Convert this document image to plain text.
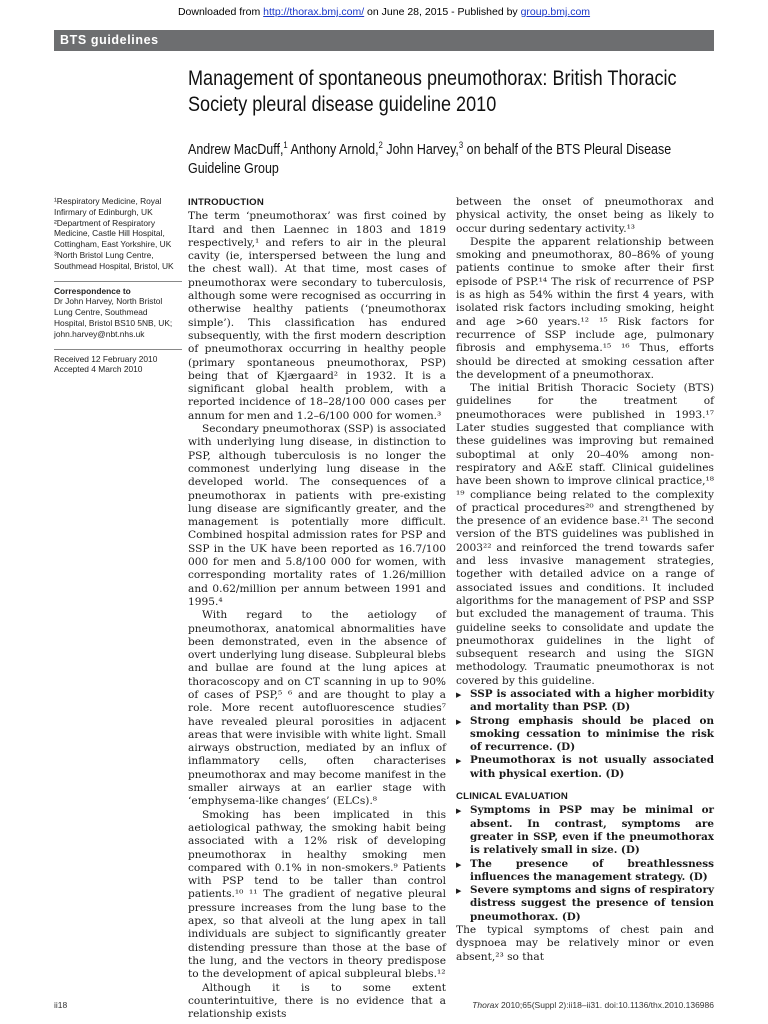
Downloaded from http://thorax.bmj.com/ on June 28, 2015 - Published by group.bmj.com
BTS guidelines
Management of spontaneous pneumothorax: British Thoracic Society pleural disease guideline 2010
Andrew MacDuff,$^1$ Anthony Arnold,$^2$ John Harvey,$^3$ on behalf of the BTS Pleural Disease Guideline Group

¹Respiratory Medicine, Royal Infirmary of Edinburgh, UK

²Department of Respiratory Medicine, Castle Hill Hospital, Cottingham, East Yorkshire, UK

³North Bristol Lung Centre, Southmead Hospital, Bristol, UK

Correspondence to

Dr John Harvey, North Bristol Lung Centre, Southmead Hospital, Bristol BS10 5NB, UK; john.harvey@nbt.nhs.uk

Received 12 February 2010

Accepted 4 March 2010

INTRODUCTION

The term ‘pneumothorax’ was first coined by Itard and then Laennec in 1803 and 1819 respectively,¹ and refers to air in the pleural cavity (ie, interspersed between the lung and the chest wall). At that time, most cases of pneumothorax were secondary to tuberculosis, although some were recognised as occurring in otherwise healthy patients (‘pneumothorax simple’). This classification has endured subsequently, with the first modern description of pneumothorax occurring in healthy people (primary spontaneous pneumothorax, PSP) being that of Kjærgaard² in 1932. It is a significant global health problem, with a reported incidence of 18–28/100 000 cases per annum for men and 1.2–6/100 000 for women.³

Secondary pneumothorax (SSP) is associated with underlying lung disease, in distinction to PSP, although tuberculosis is no longer the commonest underlying lung disease in the developed world. The consequences of a pneumothorax in patients with pre-existing lung disease are significantly greater, and the management is potentially more difficult. Combined hospital admission rates for PSP and SSP in the UK have been reported as 16.7/100 000 for men and 5.8/100 000 for women, with corresponding mortality rates of 1.26/million and 0.62/million per annum between 1991 and 1995.⁴

With regard to the aetiology of pneumothorax, anatomical abnormalities have been demonstrated, even in the absence of overt underlying lung disease. Subpleural blebs and bullae are found at the lung apices at thoracoscopy and on CT scanning in up to 90% of cases of PSP,⁵ ⁶ and are thought to play a role. More recent autofluorescence studies⁷ have revealed pleural porosities in adjacent areas that were invisible with white light. Small airways obstruction, mediated by an influx of inflammatory cells, often characterises pneumothorax and may become manifest in the smaller airways at an earlier stage with ‘emphysema-like changes’ (ELCs).⁸

Smoking has been implicated in this aetiological pathway, the smoking habit being associated with a 12% risk of developing pneumothorax in healthy smoking men compared with 0.1% in non-smokers.⁹ Patients with PSP tend to be taller than control patients.¹⁰ ¹¹ The gradient of negative pleural pressure increases from the lung base to the apex, so that alveoli at the lung apex in tall individuals are subject to significantly greater distending pressure than those at the base of the lung, and the vectors in theory predispose to the development of apical subpleural blebs.¹²

Although it is to some extent counterintuitive, there is no evidence that a relationship exists

between the onset of pneumothorax and physical activity, the onset being as likely to occur during sedentary activity.¹³

Despite the apparent relationship between smoking and pneumothorax, 80–86% of young patients continue to smoke after their first episode of PSP.¹⁴ The risk of recurrence of PSP is as high as 54% within the first 4 years, with isolated risk factors including smoking, height and age >60 years.¹² ¹⁵ Risk factors for recurrence of SSP include age, pulmonary fibrosis and emphysema.¹⁵ ¹⁶ Thus, efforts should be directed at smoking cessation after the development of a pneumothorax.

The initial British Thoracic Society (BTS) guidelines for the treatment of pneumothoraces were published in 1993.¹⁷ Later studies suggested that compliance with these guidelines was improving but remained suboptimal at only 20–40% among non-respiratory and A&E staff. Clinical guidelines have been shown to improve clinical practice,¹⁸ ¹⁹ compliance being related to the complexity of practical procedures²⁰ and strengthened by the presence of an evidence base.²¹ The second version of the BTS guidelines was published in 2003²² and reinforced the trend towards safer and less invasive management strategies, together with detailed advice on a range of associated issues and conditions. It included algorithms for the management of PSP and SSP but excluded the management of trauma. This guideline seeks to consolidate and update the pneumothorax guidelines in the light of subsequent research and using the SIGN methodology. Traumatic pneumothorax is not covered by this guideline.

▶ SSP is associated with a higher morbidity and mortality than PSP. (D)
▶ Strong emphasis should be placed on smoking cessation to minimise the risk of recurrence. (D)
▶ Pneumothorax is not usually associated with physical exertion. (D)
CLINICAL EVALUATION
▶ Symptoms in PSP may be minimal or absent. In contrast, symptoms are greater in SSP, even if the pneumothorax is relatively small in size. (D)
▶ The presence of breathlessness influences the management strategy. (D)
▶ Severe symptoms and signs of respiratory distress suggest the presence of tension pneumothorax. (D)

The typical symptoms of chest pain and dyspnoea may be relatively minor or even absent,²³ so that

ii18	Thorax 2010;65(Suppl 2):ii18–ii31. doi:10.1136/thx.2010.136986
